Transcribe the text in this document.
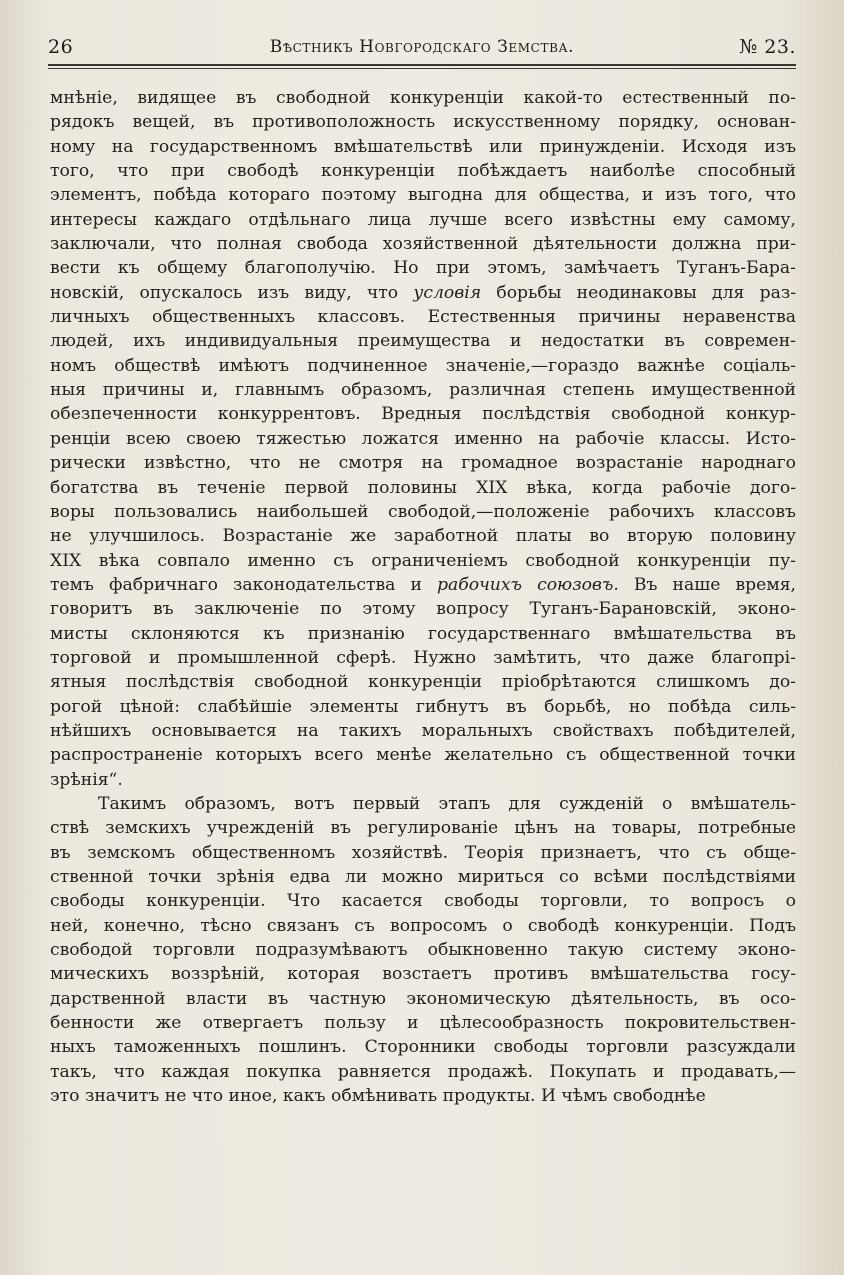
26	Вѣстникъ Новгородскаго Земства.	№ 23.
мнѣніе, видящее въ свободной конкуренціи какой-то естественный по-
рядокъ вещей, въ противоположность искусственному порядку, основан-
ному на государственномъ вмѣшательствѣ или принужденіи. Исходя изъ
того, что при свободѣ конкуренціи побѣждаетъ наиболѣе способный
элементъ, побѣда котораго поэтому выгодна для общества, и изъ того, что
интересы каждаго отдѣльнаго лица лучше всего извѣстны ему самому,
заключали, что полная свобода хозяйственной дѣятельности должна при-
вести къ общему благополучію. Но при этомъ, замѣчаетъ Туганъ-Бара-
новскій, опускалось изъ виду, что условія борьбы неодинаковы для раз-
личныхъ общественныхъ классовъ. Естественныя причины неравенства
людей, ихъ индивидуальныя преимущества и недостатки въ современ-
номъ обществѣ имѣютъ подчиненное значеніе,—гораздо важнѣе соціаль-
ныя причины и, главнымъ образомъ, различная степень имущественной
обезпеченности конкуррентовъ. Вредныя послѣдствія свободной конкур-
ренціи всею своею тяжестью ложатся именно на рабочіе классы. Исто-
рически извѣстно, что не смотря на громадное возрастаніе народнаго
богатства въ теченіе первой половины XIX вѣка, когда рабочіе дого-
воры пользовались наибольшей свободой,—положеніе рабочихъ классовъ
не улучшилось. Возрастаніе же заработной платы во вторую половину
XIX вѣка совпало именно съ ограниченіемъ свободной конкуренціи пу-
темъ фабричнаго законодательства и рабочихъ союзовъ. Въ наше время,
говоритъ въ заключеніе по этому вопросу Туганъ-Барановскій, эконо-
мисты склоняются къ признанію государственнаго вмѣшательства въ
торговой и промышленной сферѣ. Нужно замѣтить, что даже благопрі-
ятныя послѣдствія свободной конкуренціи пріобрѣтаются слишкомъ до-
рогой цѣной: слабѣйшіе элементы гибнутъ въ борьбѣ, но побѣда силь-
нѣйшихъ основывается на такихъ моральныхъ свойствахъ побѣдителей,
распространеніе которыхъ всего менѣе желательно съ общественной точки
зрѣнія“.
Такимъ образомъ, вотъ первый этапъ для сужденій о вмѣшатель-
ствѣ земскихъ учрежденій въ регулированіе цѣнъ на товары, потребные
въ земскомъ общественномъ хозяйствѣ. Теорія признаетъ, что съ обще-
ственной точки зрѣнія едва ли можно мириться со всѣми послѣдствіями
свободы конкуренціи. Что касается свободы торговли, то вопросъ о
ней, конечно, тѣсно связанъ съ вопросомъ о свободѣ конкуренціи. Подъ
свободой торговли подразумѣваютъ обыкновенно такую систему эконо-
мическихъ воззрѣній, которая возстаетъ противъ вмѣшательства госу-
дарственной власти въ частную экономическую дѣятельность, въ осо-
бенности же отвергаетъ пользу и цѣлесообразность покровительствен-
ныхъ таможенныхъ пошлинъ. Сторонники свободы торговли разсуждали
такъ, что каждая покупка равняется продажѣ. Покупать и продавать,—
это значитъ не что иное, какъ обмѣнивать продукты. И чѣмъ свободнѣе
